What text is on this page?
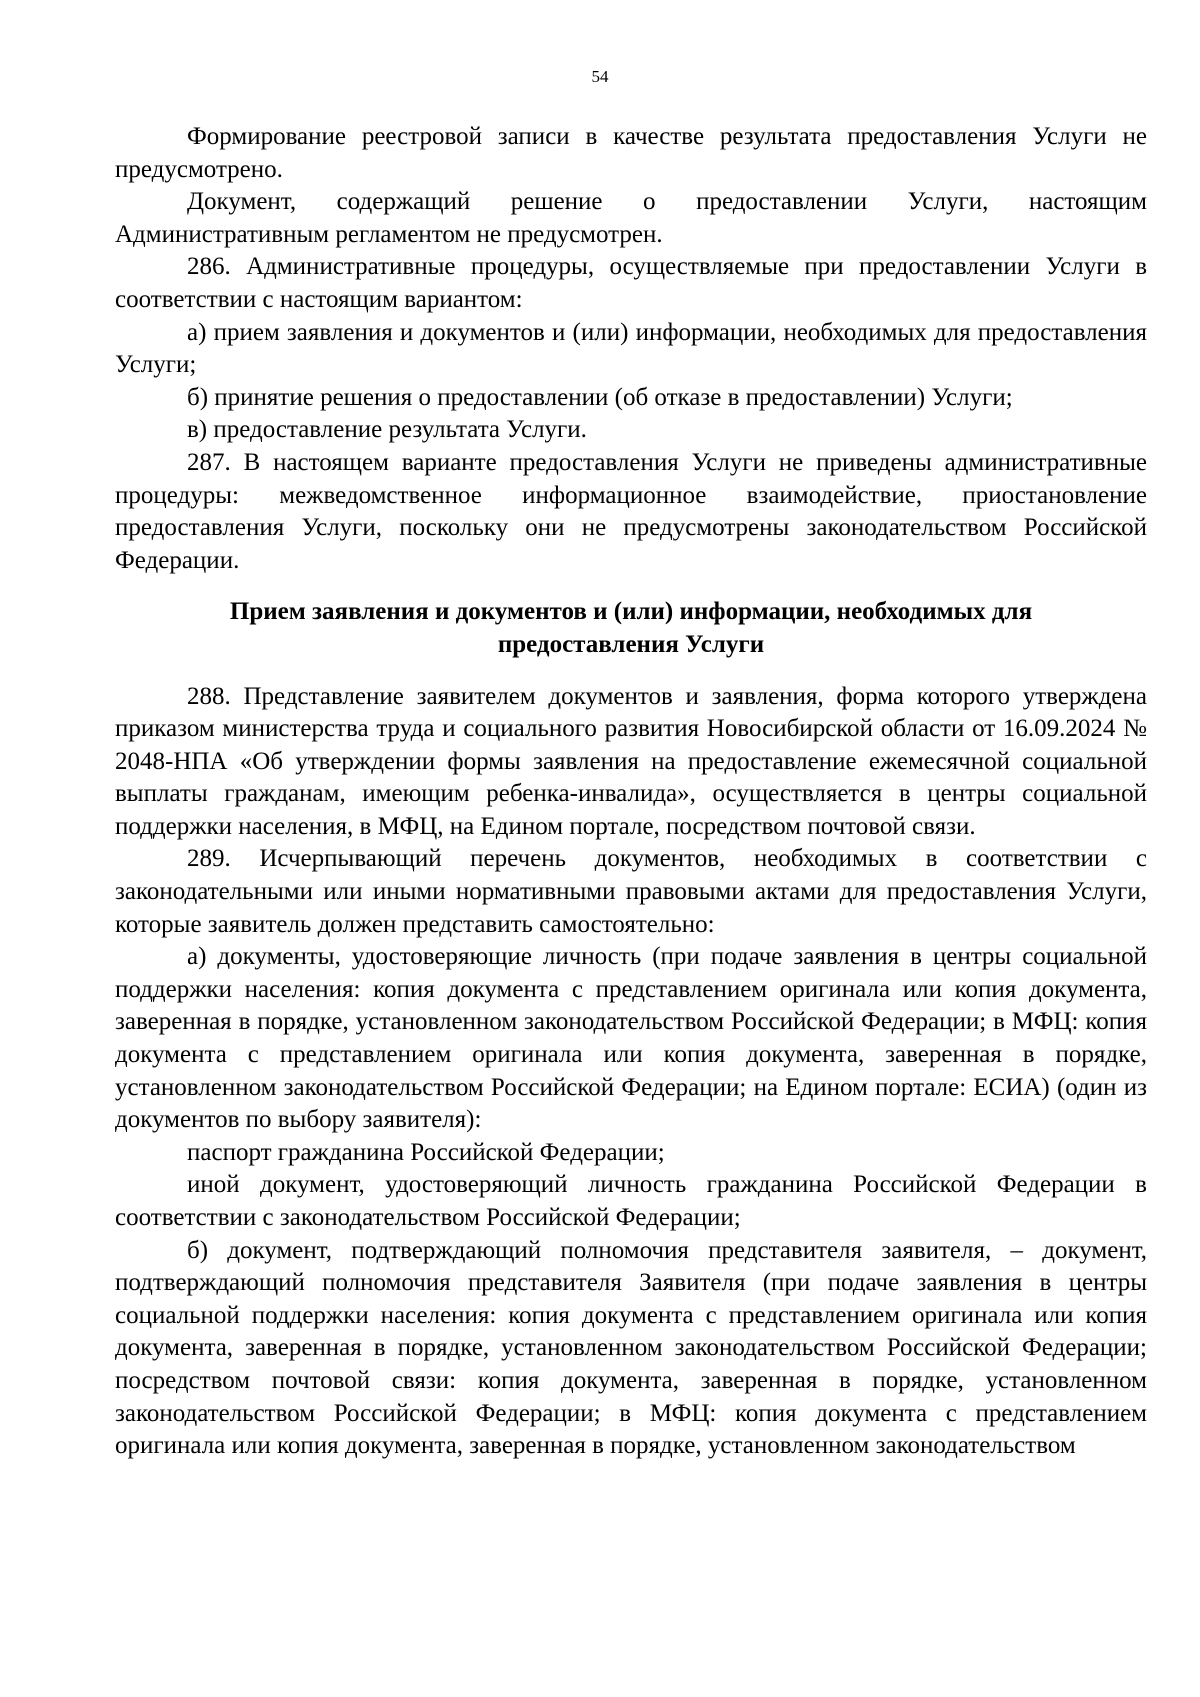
54

Формирование реестровой записи в качестве результата предоставления Услуги не предусмотрено.

Документ, содержащий решение о предоставлении Услуги, настоящим Административным регламентом не предусмотрен.

286. Административные процедуры, осуществляемые при предоставлении Услуги в соответствии с настоящим вариантом:

а) прием заявления и документов и (или) информации, необходимых для предоставления Услуги;

б) принятие решения о предоставлении (об отказе в предоставлении) Услуги;

в) предоставление результата Услуги.

287. В настоящем варианте предоставления Услуги не приведены административные процедуры: межведомственное информационное взаимодействие, приостановление предоставления Услуги, поскольку они не предусмотрены законодательством Российской Федерации.

Прием заявления и документов и (или) информации, необходимых для предоставления Услуги

288. Представление заявителем документов и заявления, форма которого утверждена приказом министерства труда и социального развития Новосибирской области от 16.09.2024 № 2048-НПА «Об утверждении формы заявления на предоставление ежемесячной социальной выплаты гражданам, имеющим ребенка-инвалида», осуществляется в центры социальной поддержки населения, в МФЦ, на Едином портале, посредством почтовой связи.

289. Исчерпывающий перечень документов, необходимых в соответствии с законодательными или иными нормативными правовыми актами для предоставления Услуги, которые заявитель должен представить самостоятельно:

а) документы, удостоверяющие личность (при подаче заявления в центры социальной поддержки населения: копия документа с представлением оригинала или копия документа, заверенная в порядке, установленном законодательством Российской Федерации; в МФЦ: копия документа с представлением оригинала или копия документа, заверенная в порядке, установленном законодательством Российской Федерации; на Едином портале: ЕСИА) (один из документов по выбору заявителя):

паспорт гражданина Российской Федерации;

иной документ, удостоверяющий личность гражданина Российской Федерации в соответствии с законодательством Российской Федерации;

б) документ, подтверждающий полномочия представителя заявителя, – документ, подтверждающий полномочия представителя Заявителя (при подаче заявления в центры социальной поддержки населения: копия документа с представлением оригинала или копия документа, заверенная в порядке, установленном законодательством Российской Федерации; посредством почтовой связи: копия документа, заверенная в порядке, установленном законодательством Российской Федерации; в МФЦ: копия документа с представлением оригинала или копия документа, заверенная в порядке, установленном законодательством
